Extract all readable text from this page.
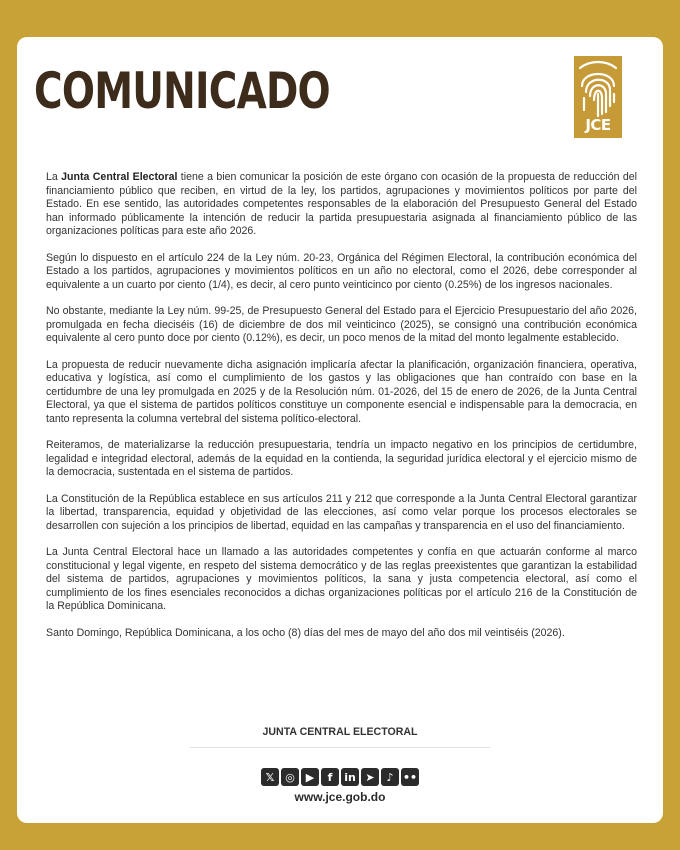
COMUNICADO
JCE

La Junta Central Electoral tiene a bien comunicar la posición de este órgano con ocasión de la propuesta de reducción del financiamiento público que reciben, en virtud de la ley, los partidos, agrupaciones y movimientos políticos por parte del Estado. En ese sentido, las autoridades competentes responsables de la elaboración del Presupuesto General del Estado han informado públicamente la intención de reducir la partida presupuestaria asignada al financiamiento público de las organizaciones políticas para este año 2026.

Según lo dispuesto en el artículo 224 de la Ley núm. 20-23, Orgánica del Régimen Electoral, la contribución económica del Estado a los partidos, agrupaciones y movimientos políticos en un año no electoral, como el 2026, debe corresponder al equivalente a un cuarto por ciento (1/4), es decir, al cero punto veinticinco por ciento (0.25%) de los ingresos nacionales.

No obstante, mediante la Ley núm. 99-25, de Presupuesto General del Estado para el Ejercicio Presupuestario del año 2026, promulgada en fecha dieciséis (16) de diciembre de dos mil veinticinco (2025), se consignó una contribución económica equivalente al cero punto doce por ciento (0.12%), es decir, un poco menos de la mitad del monto legalmente establecido.

La propuesta de reducir nuevamente dicha asignación implicaría afectar la planificación, organización financiera, operativa, educativa y logística, así como el cumplimiento de los gastos y las obligaciones que han contraído con base en la certidumbre de una ley promulgada en 2025 y de la Resolución núm. 01-2026, del 15 de enero de 2026, de la Junta Central Electoral, ya que el sistema de partidos políticos constituye un componente esencial e indispensable para la democracia, en tanto representa la columna vertebral del sistema político-electoral.

Reiteramos, de materializarse la reducción presupuestaria, tendría un impacto negativo en los principios de certidumbre, legalidad e integridad electoral, además de la equidad en la contienda, la seguridad jurídica electoral y el ejercicio mismo de la democracia, sustentada en el sistema de partidos.

La Constitución de la República establece en sus artículos 211 y 212 que corresponde a la Junta Central Electoral garantizar la libertad, transparencia, equidad y objetividad de las elecciones, así como velar porque los procesos electorales se desarrollen con sujeción a los principios de libertad, equidad en las campañas y transparencia en el uso del financiamiento.

La Junta Central Electoral hace un llamado a las autoridades competentes y confía en que actuarán conforme al marco constitucional y legal vigente, en respeto del sistema democrático y de las reglas preexistentes que garantizan la estabilidad del sistema de partidos, agrupaciones y movimientos políticos, la sana y justa competencia electoral, así como el cumplimiento de los fines esenciales reconocidos a dichas organizaciones políticas por el artículo 216 de la Constitución de la República Dominicana.

Santo Domingo, República Dominicana, a los ocho (8) días del mes de mayo del año dos mil veintiséis (2026).

JUNTA CENTRAL ELECTORAL
𝕏 ◎ ▶	f	in ➤	♪ ••
www.jce.gob.do
